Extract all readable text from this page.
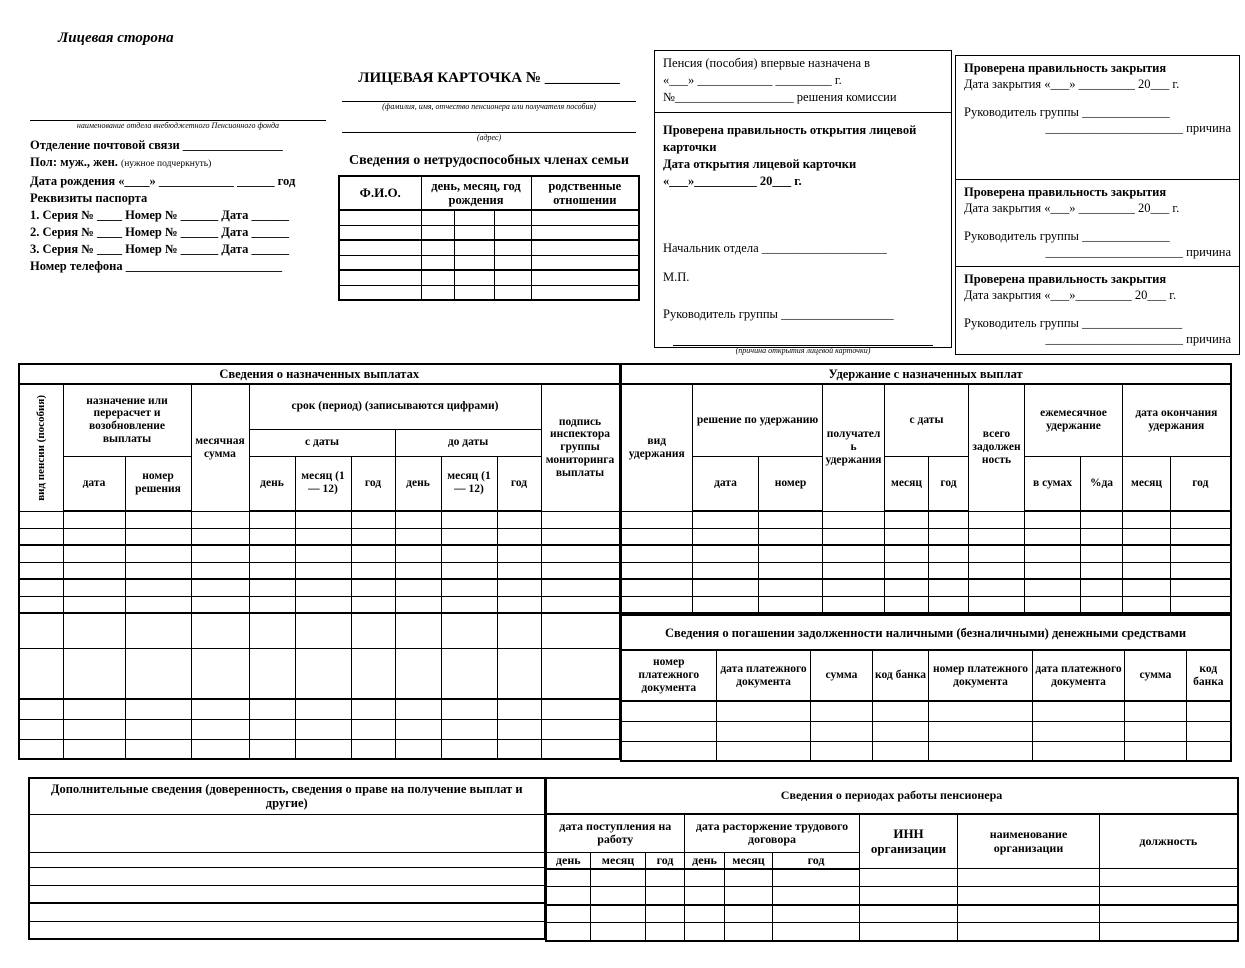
Лицевая сторона
наименование отдела внебюджетного Пенсионного фонда
Отделение почтовой связи ________________
Пол: муж., жен. (нужное подчеркнуть)
Дата рождения «____» ____________ ______ год
Реквизиты паспорта
1. Серия № ____ Номер № ______ Дата ______
2. Серия № ____ Номер № ______ Дата ______
3. Серия № ____ Номер № ______ Дата ______
Номер телефона _________________________
ЛИЦЕВАЯ КАРТОЧКА № __________
(фамилия, имя, отчество пенсионера или получателя пособия)
(адрес)
Сведения о нетрудоспособных членах семьи
Ф.И.О.	день, месяц, год рождения			родственные отношении

Пенсия (пособия) впервые назначена в
«___» ____________ _________ г.
№___________________ решения комиссии
Проверена правильность открытия лицевой карточки
Дата открытия лицевой карточки
«___»__________ 20___ г.
Начальник отдела ____________________
М.П.
Руководитель группы __________________
(причина открытия лицевой карточки)
Проверена правильность закрытия
Дата закрытия «___» _________ 20___ г.
Руководитель группы ______________
______________________ причина
Проверена правильность закрытия
Дата закрытия «___» _________ 20___ г.
Руководитель группы ______________
______________________ причина
Проверена правильность закрытия
Дата закрытия «___»_________ 20___ г.
Руководитель группы ________________
______________________ причина
Сведения о назначенных выплатах										

вид пенсии (пособия)	назначение или перерасчет и возобновление выплаты		месячная сумма	срок (период) (записываются цифрами)						подпись инспектора группы мониторинга выплаты
				с даты			до даты			
	дата	номер решения		день	месяц (1 — 12)	год	день	месяц (1 — 12)	год	

Удержание с назначенных выплат										
вид удержания	решение по удержанию		получатель удержания	с даты		всего задолженность	ежемесячное удержание		дата окончания удержания	
	дата	номер		месяц	год		в сумах	%да	месяц	год

Сведения о погашении задолженности наличными (безналичными) денежными средствами							
номер платежного документа	дата платежного документа	сумма	код банка	номер платежного документа	дата платежного документа	сумма	код банка

Дополнительные сведения (доверенность, сведения о праве на получение выплат и другие)

Сведения о периодах работы пенсионера								
дата поступления на работу			дата расторжение трудового договора			ИНН организации	наименование организации	должность
день	месяц	год	день	месяц	год			
